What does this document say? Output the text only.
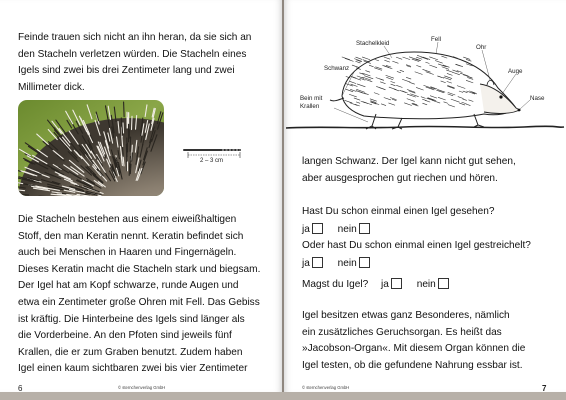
Feinde trauen sich nicht an ihn heran, da sie sich an
den Stacheln verletzen würden. Die Stacheln eines
Igels sind zwei bis drei Zentimeter lang und zwei
Millimeter dick.
2 – 3 cm
Die Stacheln bestehen aus einem eiweißhaltigen
Stoff, den man Keratin nennt. Keratin befindet sich
auch bei Menschen in Haaren und Fingernägeln.
Dieses Keratin macht die Stacheln stark und biegsam.
Der Igel hat am Kopf schwarze, runde Augen und
etwa ein Zentimeter große Ohren mit Fell. Das Gebiss
ist kräftig. Die Hinterbeine des Igels sind länger als
die Vorderbeine. An den Pfoten sind jeweils fünf
Krallen, die er zum Graben benutzt. Zudem haben
Igel einen kaum sichtbaren zwei bis vier Zentimeter
6	© sternchenverlag GmbH
Stachelkleid
Fell
Ohr
Schwanz	Auge
Nase
Bein mit
Krallen
langen Schwanz. Der Igel kann nicht gut sehen,
aber ausgesprochen gut riechen und hören.
Hast Du schon einmal einen Igel gesehen?
ja	nein
Oder hast Du schon einmal einen Igel gestreichelt?
ja	nein
Magst du Igel? ja	nein
Igel besitzen etwas ganz Besonderes, nämlich
ein zusätzliches Geruchsorgan. Es heißt das
»Jacobson-Organ«. Mit diesem Organ können die
Igel testen, ob die gefundene Nahrung essbar ist.
© sternchenverlag GmbH	7
